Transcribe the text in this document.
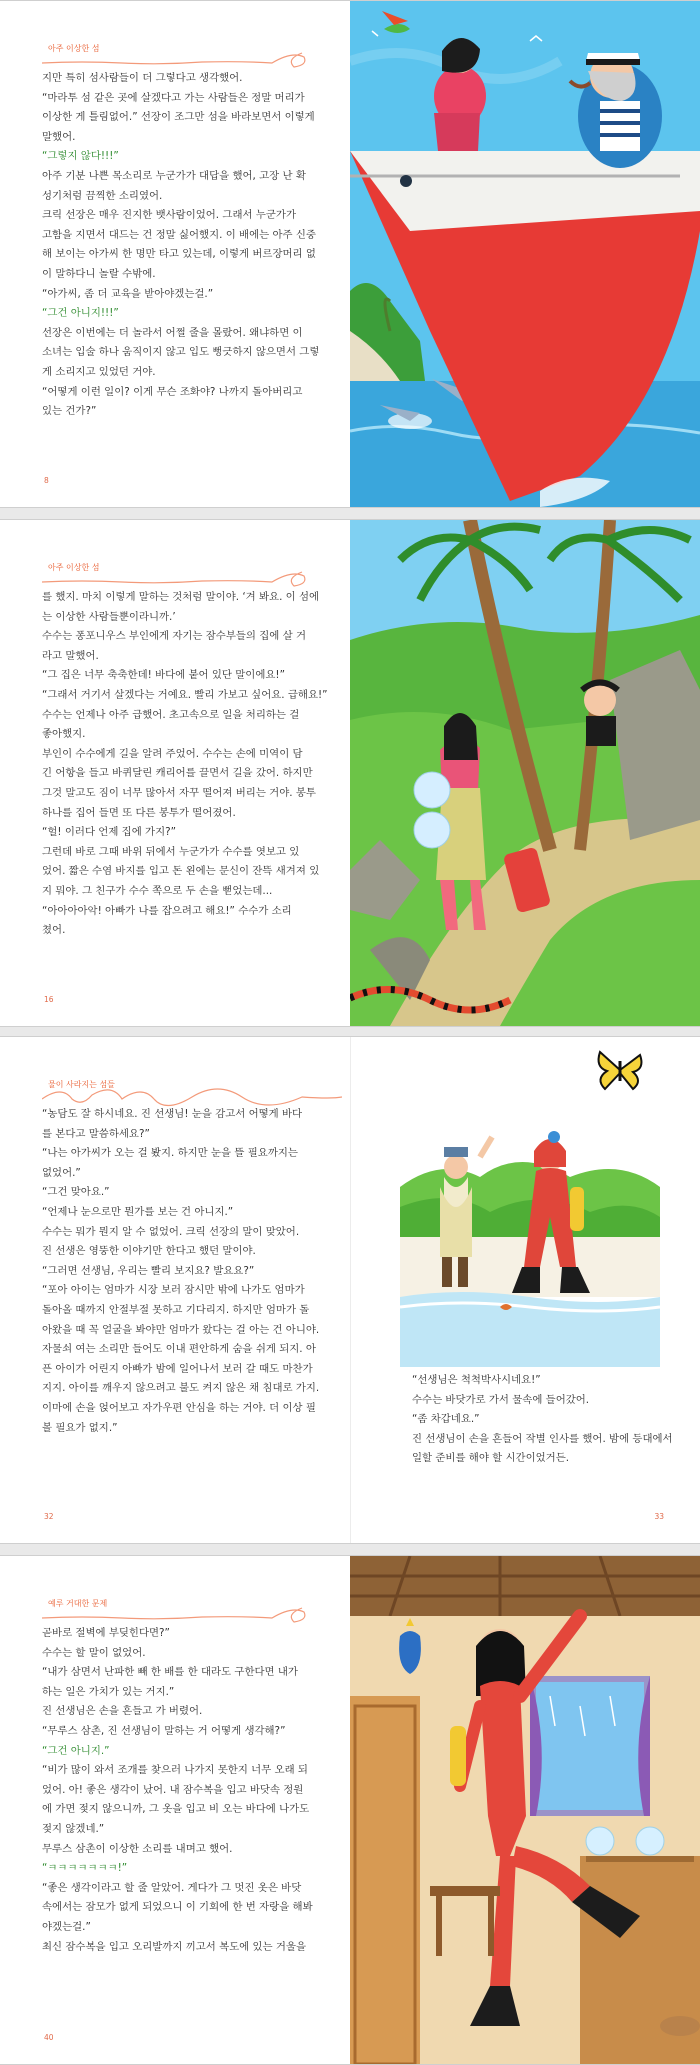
아주 이상한 섬

지만 특히 섬사람들이 더 그렇다고 생각했어.

“마라투 섬 같은 곳에 살겠다고 가는 사람들은 정말 머리가

이상한 게 틀림없어.” 선장이 조그만 섬을 바라보면서 이렇게

말했어.

“그렇지 않다!!!”

아주 기분 나쁜 목소리로 누군가가 대답을 했어, 고장 난 확

성기처럼 끔찍한 소리였어.

크릭 선장은 매우 진지한 뱃사람이었어. 그래서 누군가가

고함을 지면서 대드는 건 정말 싫어했지. 이 배에는 아주 신중

해 보이는 아가씨 한 명만 타고 있는데, 이렇게 버르장머리 없

이 말하다니 놀랄 수밖에.

“아가씨, 좀 더 교육을 받아야겠는걸.”

“그건 아니지!!!”

선장은 이번에는 더 놀라서 어쩔 줄을 몰랐어. 왜냐하면 이

소녀는 입술 하나 움직이지 않고 입도 뻥긋하지 않으면서 그렇

게 소리지고 있었던 거야.

“어떻게 이런 일이? 이게 무슨 조화야? 나까지 돌아버리고

있는 건가?”

8
아주 이상한 섬

를 했지. 마치 이렇게 말하는 것처럼 말이야. ‘겨 봐요. 이 섬에

는 이상한 사람들뿐이라니까.’

수수는 퐁포니우스 부인에게 자기는 잠수부들의 집에 살 거

라고 말했어.

“그 집은 너무 축축한데! 바다에 붙어 있단 말이에요!”

“그래서 거기서 살겠다는 거예요. 빨리 가보고 싶어요. 급해요!”

수수는 언제나 아주 급했어. 초고속으로 일을 처리하는 걸

좋아했지.

부인이 수수에게 길을 알려 주었어. 수수는 손에 미역이 담

긴 어항을 들고 바퀴달린 캐리어를 끌면서 길을 갔어. 하지만

그것 말고도 짐이 너무 많아서 자꾸 떨어져 버리는 거야. 봉투

하나를 집어 들면 또 다른 봉투가 떨어졌어.

“헐! 이러다 언제 집에 가지?”

그런데 바로 그때 바위 뒤에서 누군가가 수수를 엿보고 있

었어. 짧은 수염 바지를 입고 돈 왼에는 문신이 잔뜩 새겨져 있

지 뭐야. 그 친구가 수수 쪽으로 두 손을 뻗었는데...

“아아아아악! 아빠가 나를 잡으려고 해요!” 수수가 소리

쳤어.

16
물이 사라지는 섬들

“농담도 잘 하시네요. 진 선생님! 눈을 감고서 어떻게 바다

를 본다고 말씀하세요?”

“나는 아가씨가 오는 걸 봤지. 하지만 눈을 뜰 필요까지는

없었어.”

“그건 맞아요.”

“언제나 눈으로만 뭔가를 보는 건 아니지.”

수수는 뭐가 뭔지 알 수 없었어. 크릭 선장의 말이 맞았어.

진 선생은 영뚱한 이야기만 한다고 했던 말이야.

“그러면 선생님, 우리는 빨리 보지요? 발요요?”

“포아 아이는 엄마가 시장 보러 잠시만 밖에 나가도 엄마가

돌아올 때까지 안절부절 못하고 기다리지. 하지만 엄마가 돌

아왔을 때 꼭 얼굴을 봐야만 엄마가 왔다는 걸 아는 건 아니야.

자물쇠 여는 소리만 들어도 이내 편안하게 숨을 쉬게 되지. 아

픈 아이가 어린지 아빠가 밤에 일어나서 보러 갈 때도 마찬가

지지. 아이를 깨우지 않으려고 불도 켜지 않은 채 침대로 가지.

이마에 손을 얹어보고 자가우편 안심을 하는 거야. 더 이상 필

볼 필요가 없지.”

32

“선생님은 척척박사시네요!”

수수는 바닷가로 가서 물속에 들어갔어.

“좀 차갑네요.”

진 선생님이 손을 흔들어 작별 인사를 했어. 밤에 등대에서

일할 준비를 해야 할 시간이었거든.

33
예루 거대한 문제

곧바로 절벽에 부딪힌다면?”

수수는 할 말이 없었어.

“내가 삼면서 난파한 빼 한 배를 한 대라도 구한다면 내가

하는 일은 가치가 있는 거지.”

진 선생님은 손을 흔들고 가 버렸어.

“무루스 삼촌, 진 선생님이 말하는 거 어떻게 생각해?”

“그건 아니지.”

“비가 많이 와서 조개를 찾으러 나가지 못한지 너무 오래 되

었어. 아! 좋은 생각이 났어. 내 잠수복을 입고 바닷속 정원

에 가면 젖지 않으니까, 그 옷을 입고 비 오는 바다에 나가도

젖지 않겠네.”

무루스 삼촌이 이상한 소리를 내며고 했어.

“ㅋㅋㅋㅋㅋㅋㅋ!”

“좋은 생각이라고 할 줄 알았어. 게다가 그 멋진 옷은 바닷

속에서는 잠모가 없게 되었으니 이 기회에 한 번 자랑을 해봐

야겠는걸.”

최신 잠수복을 입고 오리발까지 끼고서 복도에 있는 거울을

40
